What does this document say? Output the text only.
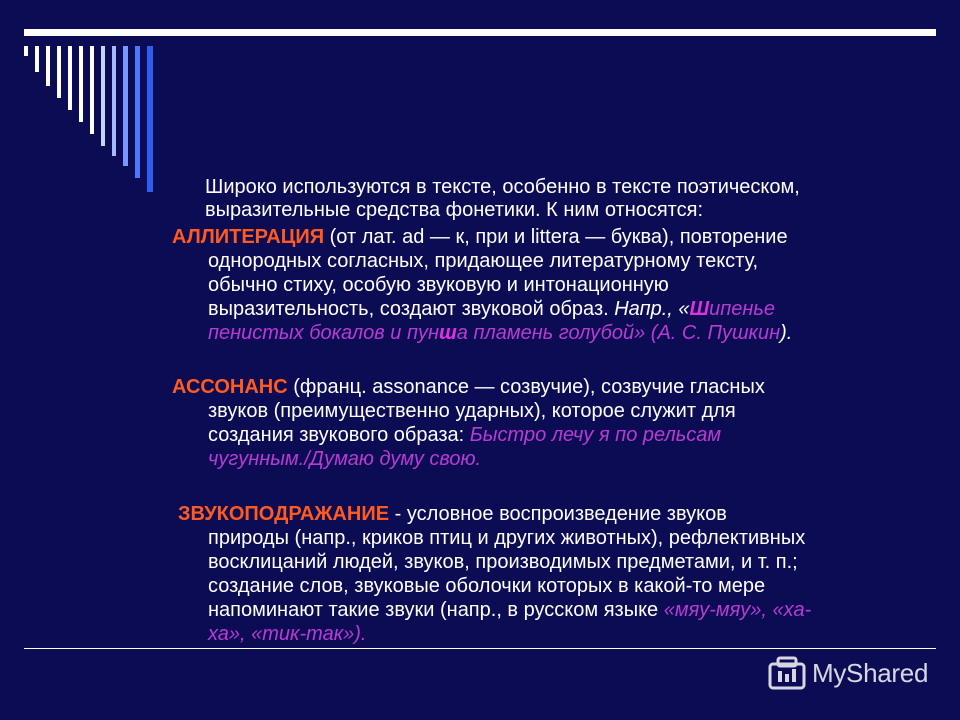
Широко используются в тексте, особенно в тексте поэтическом,
выразительные средства фонетики. К ним относятся:
АЛЛИТЕРАЦИЯ (от лат. ad — к, при и littera — буква), повторение
однородных согласных, придающее литературному тексту,
обычно стиху, особую звуковую и интонационную
выразительность, создают звуковой образ. Напр., «Шипенье
пенистых бокалов и пунша пламень голубой» (А. С. Пушкин).
АССОНАНС (франц. assonance — созвучие), созвучие гласных
звуков (преимущественно ударных), которое служит для
создания звукового образа: Быстро лечу я по рельсам
чугунным./Думаю думу свою.
ЗВУКОПОДРАЖАНИЕ - условное воспроизведение звуков
природы (напр., криков птиц и других животных), рефлективных
восклицаний людей, звуков, производимых предметами, и т. п.;
создание слов, звуковые оболочки которых в какой-то мере
напоминают такие звуки (напр., в русском языке «мяу-мяу», «ха-
ха», «тик-так»).
MyShared
